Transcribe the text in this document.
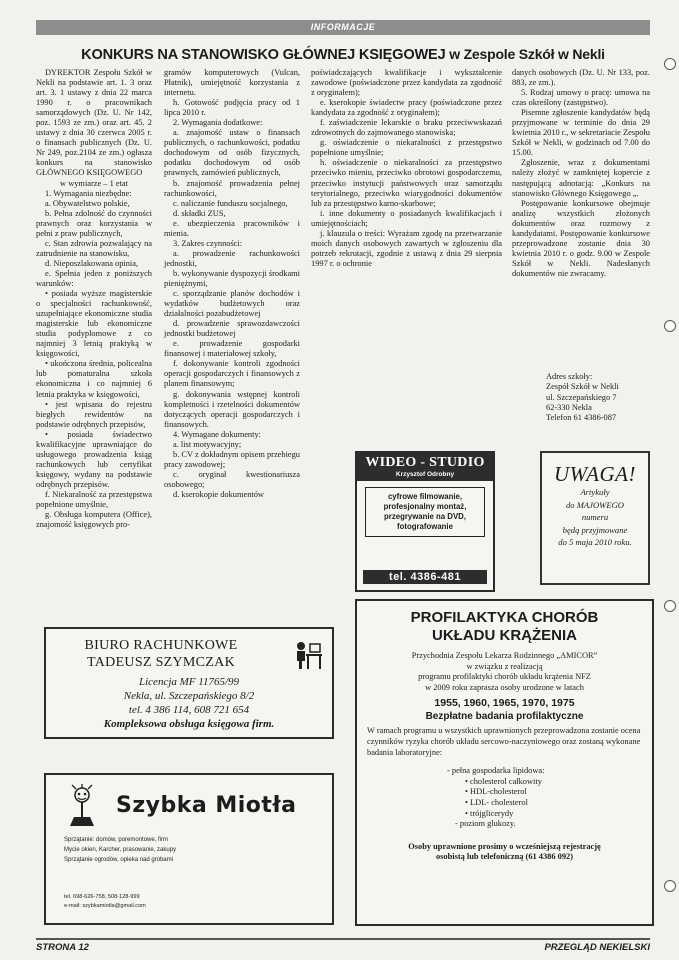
INFORMACJE
KONKURS NA STANOWISKO GŁÓWNEJ KSIĘGOWEJ w Zespole Szkół w Nekli

DYREKTOR Zespołu Szkół w Nekli na podstawie art. 1. 3 oraz art. 3. 1 ustawy z dnia 22 marca 1990 r. o pracownikach samorządowych (Dz. U. Nr 142, poz. 1593 ze zm.) oraz art. 45. 2 ustawy z dnia 30 czerwca 2005 r. o finansach publicznych (Dz. U. Nr 249, poz.2104 ze zm.) ogłasza konkurs na stanowisko GŁÓWNEGO KSIĘGOWEGO

w wymiarze – 1 etat

1. Wymagania niezbędne:

a. Obywatelstwo polskie,

b. Pełna zdolność do czynności prawnych oraz korzystania w pełni z praw publicznych,

c. Stan zdrowia pozwalający na zatrudnienie na stanowisku,

d. Nieposzlakowana opinia,

e. Spełnia jeden z poniższych warunków:

• posiada wyższe magisterskie o specjalności rachunkowość, uzupełniające ekonomiczne studia magisterskie lub ekonomiczne studia podyplomowe z co najmniej 3 letnią praktyką w księgowości,

• ukończona średnia, policealna lub pomaturalna szkoła ekonomiczna i co najmniej 6 letnia praktyka w księgowości,

• jest wpisana do rejestru biegłych rewidentów na podstawie odrębnych przepisów,

• posiada świadectwo kwalifikacyjne uprawniające do usługowego prowadzenia ksiąg rachunkowych lub certyfikat księgowy, wydany na podstawie odrębnych przepisów.

f. Niekaralność za przestępstwa popełnione umyślnie,

g. Obsługa komputera (Office), znajomość księgowych pro-

gramów komputerowych (Vulcan, Płatnik), umiejętność korzystania z internetu.

h. Gotowość podjęcia pracy od 1 lipca 2010 r.

2. Wymagania dodatkowe:

a. znajomość ustaw o finansach publicznych, o rachunkowości, podatku dochodowym od osób fizycznych, podatku dochodowym od osób prawnych, zamówień publicznych,

b. znajomość prowadzenia pełnej rachunkowości,

c. naliczanie funduszu socjalnego,

d. składki ZUS,

e. ubezpieczenia pracowników i mienia.

3. Zakres czynności:

a. prowadzenie rachunkowości jednostki,

b. wykonywanie dyspozycji środkami pieniężnymi,

c. sporządzanie planów dochodów i wydatków budżetowych oraz działalności pozabudżetowej

d. prowadzenie sprawozdawczości jednostki budżetowej

e. prowadzenie gospodarki finansowej i materiałowej szkoły,

f. dokonywanie kontroli zgodności operacji gospodarczych i finansowych z planem finansowym;

g. dokonywania wstępnej kontroli kompletności i rzetelności dokumentów dotyczących operacji gospodarczych i finansowych.

4. Wymagane dokumenty:

a. list motywacyjny;

b. CV z dokładnym opisem przebiegu pracy zawodowej;

c. oryginał kwestionariusza osobowego;

d. kserokopie dokumentów

poświadczających kwalifikacje i wykształcenie zawodowe (poświadczone przez kandydata za zgodność z oryginałem);

e. kserokopie świadectw pracy (poświadczone przez kandydata za zgodność z oryginałem);

f. zaświadczenie lekarskie o braku przeciwwskazań zdrowotnych do zajmowanego stanowiska;

g. oświadczenie o niekaralności z przestępstwo popełnione umyślnie;

h. oświadczenie o niekaralności za przestępstwo przeciwko mieniu, przeciwko obrotowi gospodarczemu, przeciwko instytucji państwowych oraz samorządu terytorialnego, przeciwko wiarygodności dokumentów lub za przestępstwo karno-skarbowe;

i. inne dokumenty o posiadanych kwalifikacjach i umiejętnościach;

j. klauzula o treści: Wyrażam zgodę na przetwarzanie moich danych osobowych zawartych w zgłoszeniu dla potrzeb rekrutacji, zgodnie z ustawą z dnia 29 sierpnia 1997 r. o ochronie

danych osobowych (Dz. U. Nr 133, poz. 883, ze zm.).

5. Rodzaj umowy o pracę: umowa na czas określony (zastępstwo).

Pisemne zgłoszenie kandydatów będą przyjmowane w terminie do dnia 29 kwietnia 2010 r., w sekretariacie Zespołu Szkół w Nekli, w godzinach od 7.00 do 15.00.

Zgłoszenie, wraz z dokumentami należy złożyć w zamkniętej kopercie z następującą adnotacją: „Konkurs na stanowisko Głównego Księgowego „.

Postępowanie konkursowe obejmuje analizę wszystkich złożonych dokumentów oraz rozmowy z kandydatami. Postępowanie konkursowe przeprowadzone zostanie dnia 30 kwietnia 2010 r. o godz. 9.00 w Zespole Szkół w Nekli. Nadesłanych dokumentów nie zwracamy.

Adres szkoły:
Zespół Szkół w Nekli
ul. Szczepańskiego 7
62-330 Nekla
Telefon 61 4386-087
WIDEO - STUDIO
Krzysztof Odrobny
cyfrowe filmowanie,
profesjonalny montaż,
przegrywanie na DVD,
fotografowanie
tel. 4386-481
UWAGA!
Artykuły
do MAJOWEGO
numeru
będą przyjmowane
do 5 maja 2010 roku.
BIURO RACHUNKOWE
TADEUSZ SZYMCZAK
Licencja MF 11765/99
Nekla, ul. Szczepańskiego 8/2
tel. 4 386 114, 608 721 654
Kompleksowa obsługa księgowa firm.
Szybka Miotła
Sprzątanie: domów, poremontowe, firm
Mycie okien, Karcher, prasowanie, zakupy
Sprzątanie ogrodów, opieka nad grobami
tel. 698-626-758, 508-128-999
e-mail: szybkamiotla@gmail.com
PROFILAKTYKA CHORÓB
UKŁADU KRĄŻENIA
Przychodnia Zespołu Lekarza Rodzinnego „AMICOR”
w związku z realizacją
programu profilaktyki chorób układu krążenia NFZ
w 2009 roku zaprasza osoby urodzone w latach
1955, 1960, 1965, 1970, 1975
Bezpłatne badania profilaktyczne
W ramach programu u wszystkich uprawnionych przeprowadzona zostanie ocena czynników ryzyka chorób układu sercowo-naczyniowego oraz zostaną wykonane badania laboratoryjne:
- pełna gospodarka lipidowa:
• cholesterol całkowity
• HDL-cholesterol
• LDL- cholesterol
• trójglicerydy
- poziom glukozy.
Osoby uprawnione prosimy o wcześniejszą rejestrację
osobistą lub telefoniczną (61 4386 092)
STRONA 12	PRZEGLĄD NEKIELSKI
